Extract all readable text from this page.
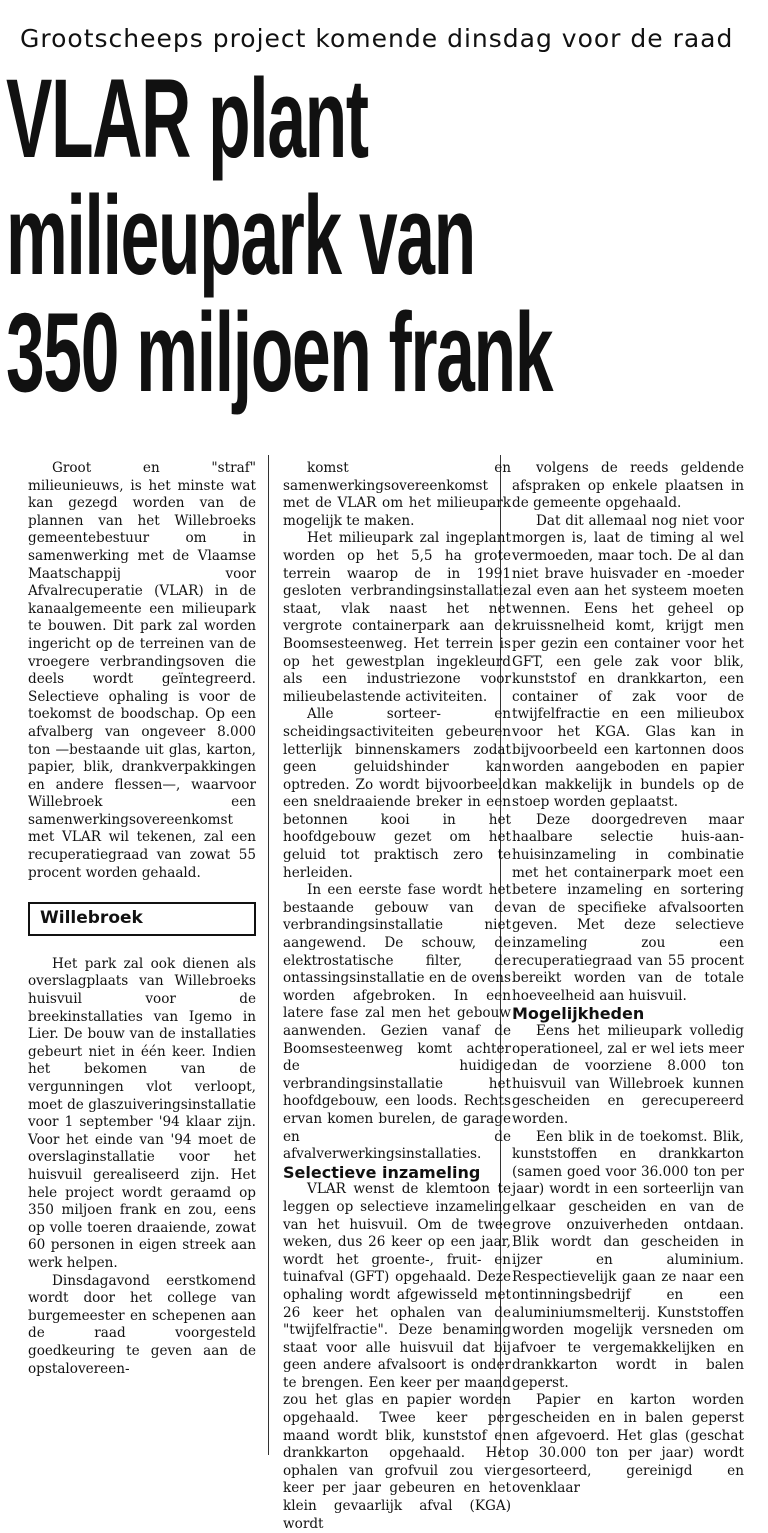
Grootscheeps project komende dinsdag voor de raad
VLAR plant
milieupark van
350 miljoen frank

Groot en "straf" milieunieuws, is het minste wat kan gezegd worden van de plannen van het Willebroeks gemeentebestuur om in samenwerking met de Vlaamse Maatschappij voor Afvalrecuperatie (VLAR) in de kanaalgemeente een milieupark te bouwen. Dit park zal worden ingericht op de terreinen van de vroegere verbrandingsoven die deels wordt geïntegreerd. Selectieve ophaling is voor de toekomst de boodschap. Op een afvalberg van ongeveer 8.000 ton —bestaande uit glas, karton, papier, blik, drankverpakkingen en andere flessen—, waarvoor Willebroek een samenwerkingsovereenkomst met VLAR wil tekenen, zal een recuperatiegraad van zowat 55 procent worden gehaald.

Willebroek

Het park zal ook dienen als overslagplaats van Willebroeks huisvuil voor de breekinstallaties van Igemo in Lier. De bouw van de installaties gebeurt niet in één keer. Indien het bekomen van de vergunningen vlot verloopt, moet de glaszuiveringsinstallatie voor 1 september '94 klaar zijn. Voor het einde van '94 moet de overslaginstallatie voor het huisvuil gerealiseerd zijn. Het hele project wordt geraamd op 350 miljoen frank en zou, eens op volle toeren draaiende, zowat 60 personen in eigen streek aan werk helpen.

Dinsdagavond eerstkomend wordt door het college van burgemeester en schepenen aan de raad voorgesteld goedkeuring te geven aan de opstalovereen-

komst en samenwerkingsovereenkomst met de VLAR om het milieupark mogelijk te maken.

Het milieupark zal ingeplant worden op het 5,5 ha grote terrein waarop de in 1991 gesloten verbrandingsinstallatie staat, vlak naast het net vergrote containerpark aan de Boomsesteenweg. Het terrein is op het gewestplan ingekleurd als een industriezone voor milieubelastende activiteiten.

Alle sorteer- en scheidingsactiviteiten gebeuren letterlijk binnenskamers zodat geen geluidshinder kan optreden. Zo wordt bijvoorbeeld een sneldraaiende breker in een betonnen kooi in het hoofdgebouw gezet om het geluid tot praktisch zero te herleiden.

In een eerste fase wordt het bestaande gebouw van de verbrandingsinstallatie niet aangewend. De schouw, de elektrostatische filter, de ontassingsinstallatie en de ovens worden afgebroken. In een latere fase zal men het gebouw aanwenden. Gezien vanaf de Boomsesteenweg komt achter de huidige verbrandingsinstallatie het hoofdgebouw, een loods. Rechts ervan komen burelen, de garage en de afvalverwerkingsinstallaties.

Selectieve inzameling

VLAR wenst de klemtoon te leggen op selectieve inzameling van het huisvuil. Om de twee weken, dus 26 keer op een jaar, wordt het groente-, fruit- en tuinafval (GFT) opgehaald. Deze ophaling wordt afgewisseld met 26 keer het ophalen van de "twijfelfractie". Deze benaming staat voor alle huisvuil dat bij geen andere afvalsoort is onder te brengen. Een keer per maand zou het glas en papier worden opgehaald. Twee keer per maand wordt blik, kunststof en drankkarton opgehaald. Het ophalen van grofvuil zou vier keer per jaar gebeuren en het klein gevaarlijk afval (KGA) wordt

volgens de reeds geldende afspraken op enkele plaatsen in de gemeente opgehaald.

Dat dit allemaal nog niet voor morgen is, laat de timing al wel vermoeden, maar toch. De al dan niet brave huisvader en -moeder zal even aan het systeem moeten wennen. Eens het geheel op kruissnelheid komt, krijgt men per gezin een container voor het GFT, een gele zak voor blik, kunststof en drankkarton, een container of zak voor de twijfelfractie en een milieubox voor het KGA. Glas kan in bijvoorbeeld een kartonnen doos worden aangeboden en papier kan makkelijk in bundels op de stoep worden geplaatst.

Deze doorgedreven maar haalbare selectie huis-aan-huisinzameling in combinatie met het containerpark moet een betere inzameling en sortering van de specifieke afvalsoorten geven. Met deze selectieve inzameling zou een recuperatiegraad van 55 procent bereikt worden van de totale hoeveelheid aan huisvuil.

Mogelijkheden

Eens het milieupark volledig operationeel, zal er wel iets meer dan de voorziene 8.000 ton huisvuil van Willebroek kunnen gescheiden en gerecupereerd worden.

Een blik in de toekomst. Blik, kunststoffen en drankkarton (samen goed voor 36.000 ton per jaar) wordt in een sorteerlijn van elkaar gescheiden en van de grove onzuiverheden ontdaan. Blik wordt dan gescheiden in ijzer en aluminium. Respectievelijk gaan ze naar een ontinningsbedrijf en een aluminiumsmelterij. Kunststoffen worden mogelijk versneden om afvoer te vergemakkelijken en drankkarton wordt in balen geperst.

Papier en karton worden gescheiden en in balen geperst en afgevoerd. Het glas (geschat op 30.000 ton per jaar) wordt gesorteerd, gereinigd en ovenklaar
